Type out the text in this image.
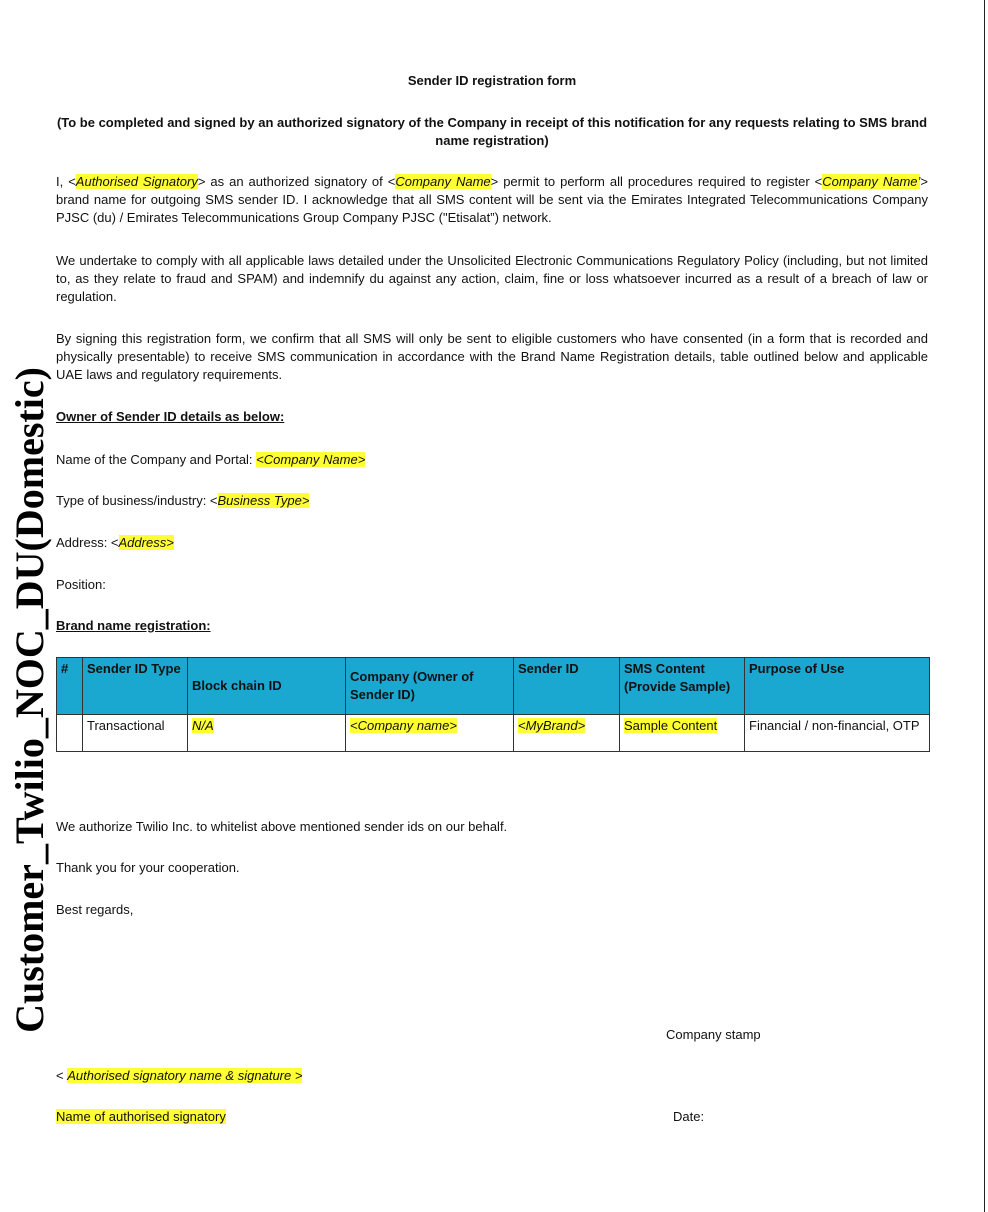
Customer_Twilio_NOC_DU(Domestic)
Sender ID registration form
(To be completed and signed by an authorized signatory of the Company in receipt of this notification for any requests relating to SMS brand name registration)
I, <Authorised Signatory> as an authorized signatory of <Company Name> permit to perform all procedures required to register <Company Name’> brand name for outgoing SMS sender ID. I acknowledge that all SMS content will be sent via the Emirates Integrated Telecommunications Company PJSC (du) / Emirates Telecommunications Group Company PJSC ("Etisalat”) network.
We undertake to comply with all applicable laws detailed under the Unsolicited Electronic Communications Regulatory Policy (including, but not limited to, as they relate to fraud and SPAM) and indemnify du against any action, claim, fine or loss whatsoever incurred as a result of a breach of law or regulation.
By signing this registration form, we confirm that all SMS will only be sent to eligible customers who have consented (in a form that is recorded and physically presentable) to receive SMS communication in accordance with the Brand Name Registration details, table outlined below and applicable UAE laws and regulatory requirements.
Owner of Sender ID details as below:
Name of the Company and Portal: <Company Name>
Type of business/industry: <Business Type>
Address: <Address>
Position:
Brand name registration:
#	Sender ID Type	Block chain ID	Company (Owner of Sender ID)	Sender ID	SMS Content (Provide Sample)	Purpose of Use
	Transactional	N/A	<Company name>	<MyBrand>	Sample Content	Financial / non-financial, OTP
We authorize Twilio Inc. to whitelist above mentioned sender ids on our behalf.
Thank you for your cooperation.
Best regards,
Company stamp
< Authorised signatory name & signature >
Name of authorised signatory	Date:
